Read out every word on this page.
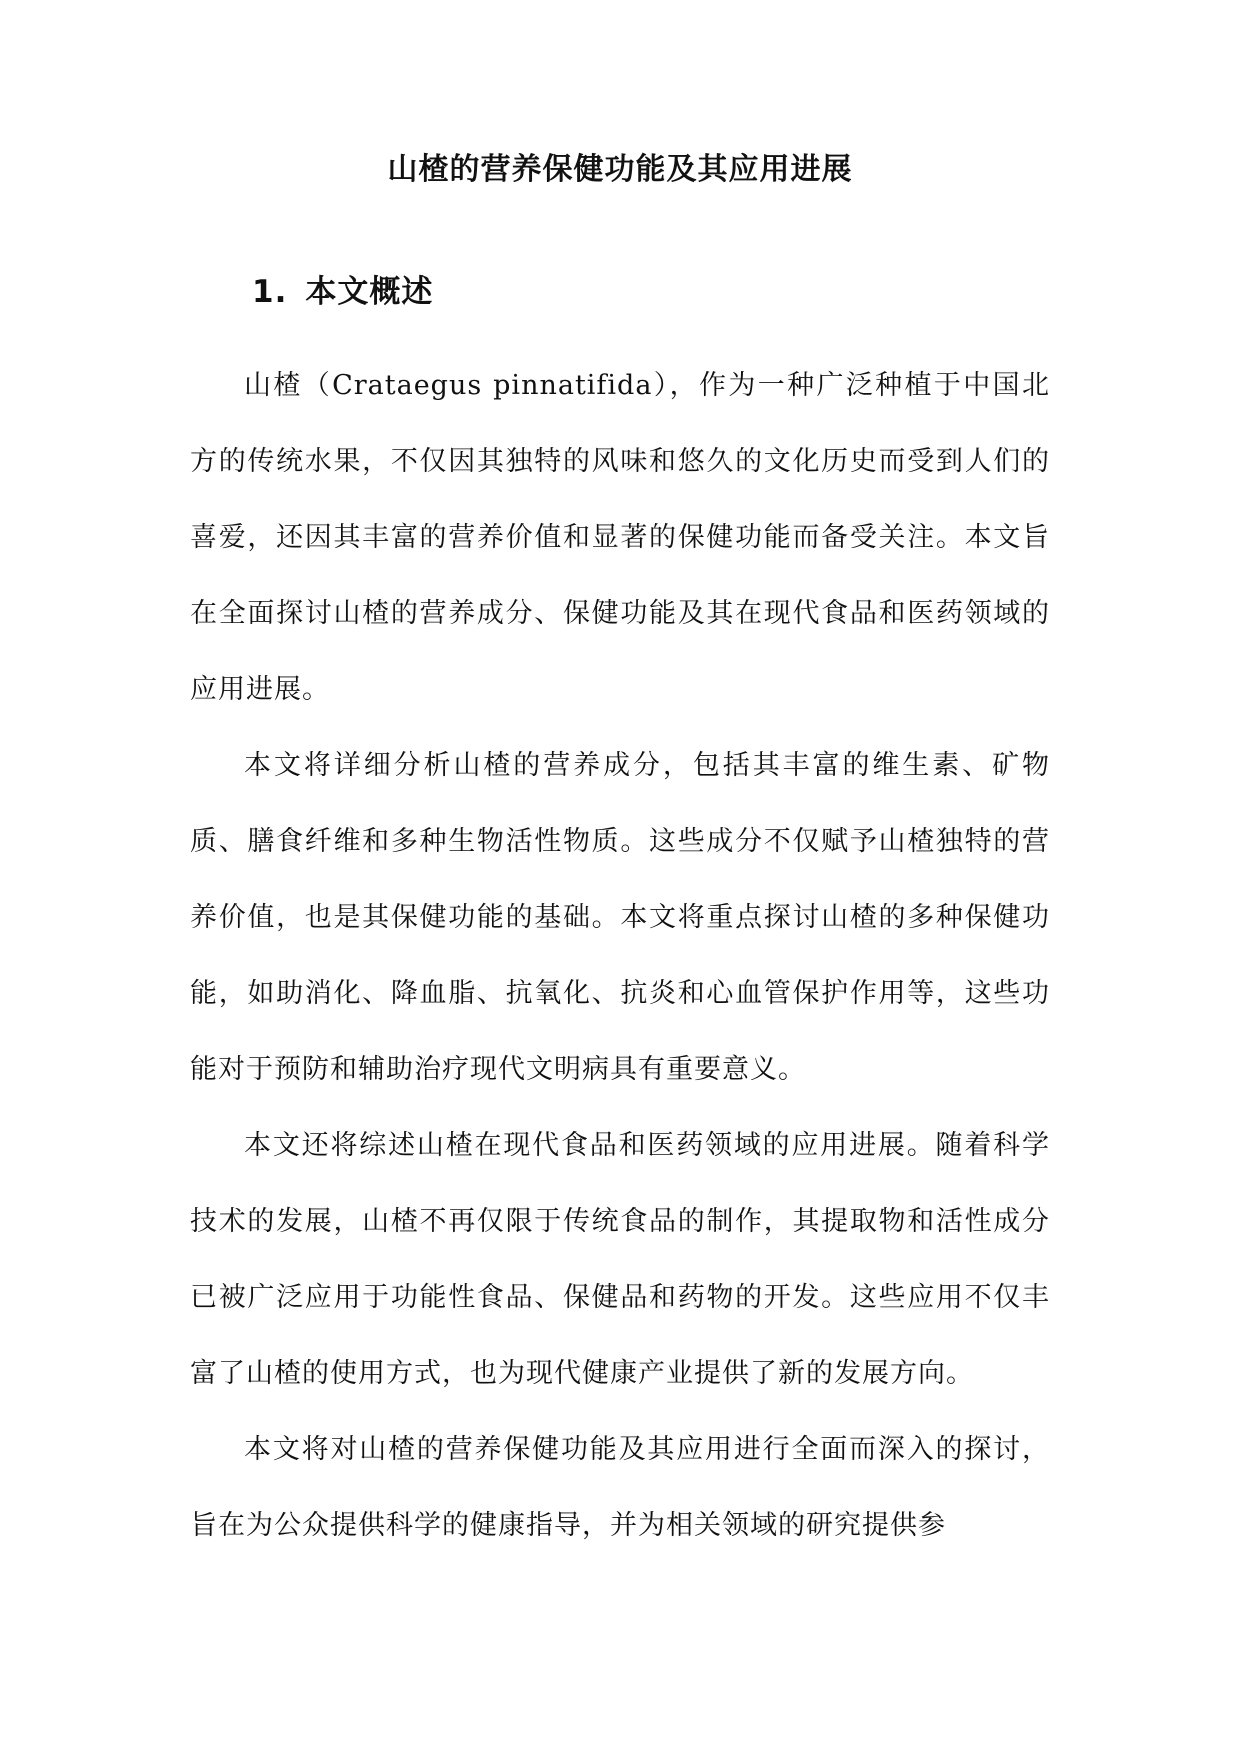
山楂的营养保健功能及其应用进展
1. 本文概述

山楂（Crataegus pinnatifida），作为一种广泛种植于中国北方的传统水果，不仅因其独特的风味和悠久的文化历史而受到人们的喜爱，还因其丰富的营养价值和显著的保健功能而备受关注。本文旨在全面探讨山楂的营养成分、保健功能及其在现代食品和医药领域的应用进展。

本文将详细分析山楂的营养成分，包括其丰富的维生素、矿物质、膳食纤维和多种生物活性物质。这些成分不仅赋予山楂独特的营养价值，也是其保健功能的基础。本文将重点探讨山楂的多种保健功能，如助消化、降血脂、抗氧化、抗炎和心血管保护作用等，这些功能对于预防和辅助治疗现代文明病具有重要意义。

本文还将综述山楂在现代食品和医药领域的应用进展。随着科学技术的发展，山楂不再仅限于传统食品的制作，其提取物和活性成分已被广泛应用于功能性食品、保健品和药物的开发。这些应用不仅丰富了山楂的使用方式，也为现代健康产业提供了新的发展方向。

本文将对山楂的营养保健功能及其应用进行全面而深入的探讨，旨在为公众提供科学的健康指导，并为相关领域的研究提供参
